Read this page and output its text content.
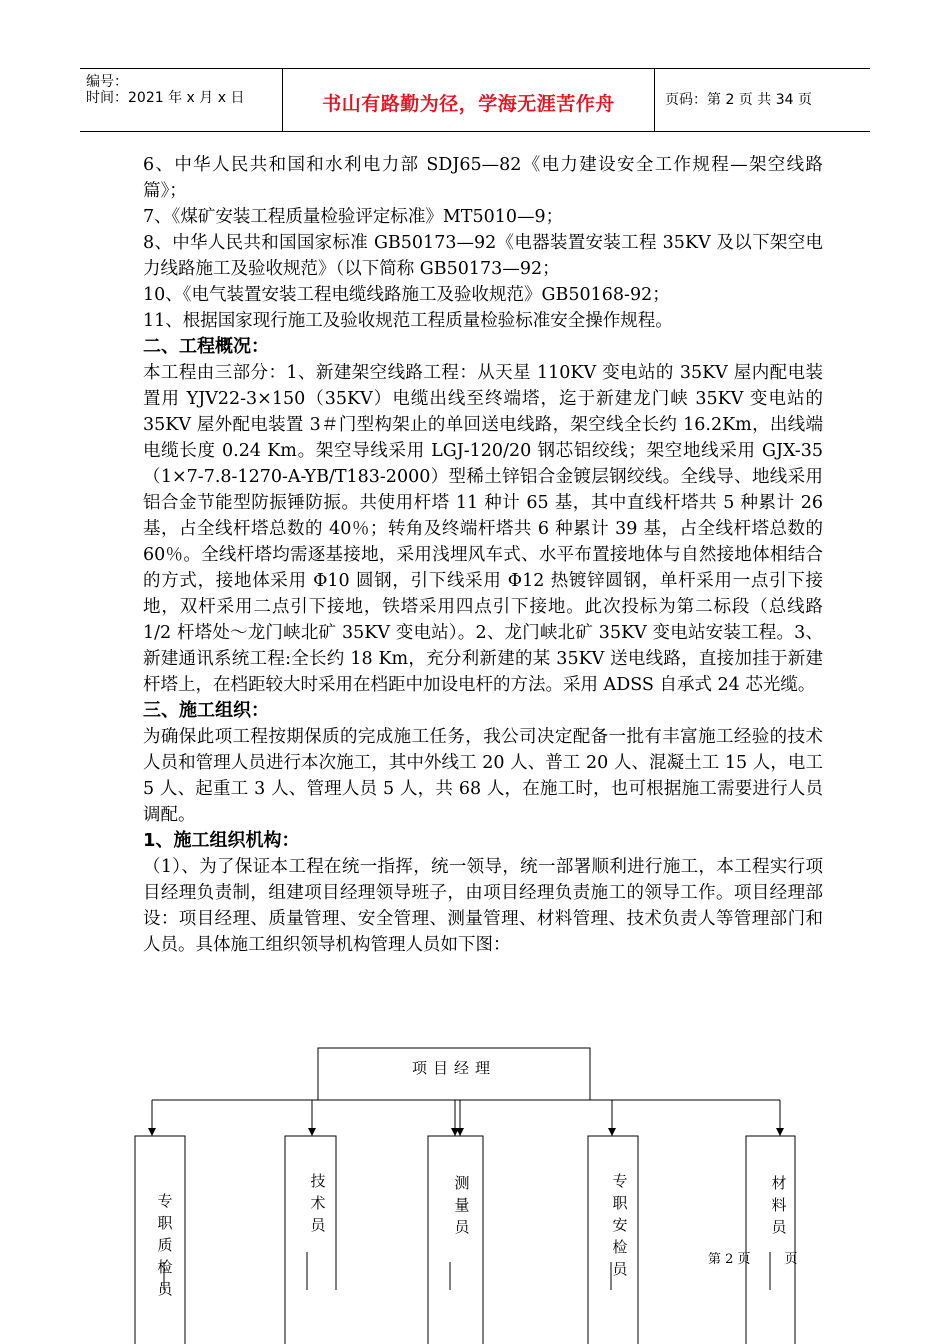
编号：
时间：2021 年 x 月 x 日	书山有路勤为径，学海无涯苦作舟	页码：第 2 页 共 34 页

6、中华人民共和国和水利电力部 SDJ65—82《电力建设安全工作规程—架空线路篇》；

7、《煤矿安装工程质量检验评定标准》MT5010—9；

8、中华人民共和国国家标准 GB50173—92《电器装置安装工程 35KV 及以下架空电力线路施工及验收规范》（以下简称 GB50173—92；

10、《电气装置安装工程电缆线路施工及验收规范》GB50168-92；

11、根据国家现行施工及验收规范工程质量检验标准安全操作规程。

二、工程概况：

本工程由三部分：1、新建架空线路工程：从天星 110KV 变电站的 35KV 屋内配电装置用 YJV22-3×150（35KV）电缆出线至终端塔，迄于新建龙门峡 35KV 变电站的 35KV 屋外配电装置 3＃门型构架止的单回送电线路，架空线全长约 16.2Km，出线端电缆长度 0.24 Km。架空导线采用 LGJ-120/20 钢芯铝绞线；架空地线采用 GJX-35（1×7-7.8-1270-A-YB/T183-2000）型稀土锌铝合金镀层钢绞线。全线导、地线采用铝合金节能型防振锤防振。共使用杆塔 11 种计 65 基，其中直线杆塔共 5 种累计 26 基，占全线杆塔总数的 40％；转角及终端杆塔共 6 种累计 39 基，占全线杆塔总数的 60％。全线杆塔均需逐基接地，采用浅埋风车式、水平布置接地体与自然接地体相结合的方式，接地体采用 Φ10 圆钢，引下线采用 Φ12 热镀锌圆钢，单杆采用一点引下接地，双杆采用二点引下接地，铁塔采用四点引下接地。此次投标为第二标段（总线路 1/2 杆塔处～龙门峡北矿 35KV 变电站）。2、龙门峡北矿 35KV 变电站安装工程。3、新建通讯系统工程:全长约 18 Km，充分利新建的某 35KV 送电线路，直接加挂于新建杆塔上，在档距较大时采用在档距中加设电杆的方法。采用 ADSS 自承式 24 芯光缆。

三、施工组织：

为确保此项工程按期保质的完成施工任务，我公司决定配备一批有丰富施工经验的技术人员和管理人员进行本次施工，其中外线工 20 人、普工 20 人、混凝土工 15 人，电工 5 人、起重工 3 人、管理人员 5 人，共 68 人，在施工时，也可根据施工需要进行人员调配。

1、施工组织机构：

（1）、为了保证本工程在统一指挥，统一领导，统一部署顺利进行施工，本工程实行项目经理负责制，组建项目经理领导班子，由项目经理负责施工的领导工作。项目经理部设：项目经理、质量管理、安全管理、测量管理、材料管理、技术负责人等管理部门和人员。具体施工组织领导机构管理人员如下图：

项目经理
专职质检员
技术员
测量员
专职安检员
材料员
第 2 页	页
